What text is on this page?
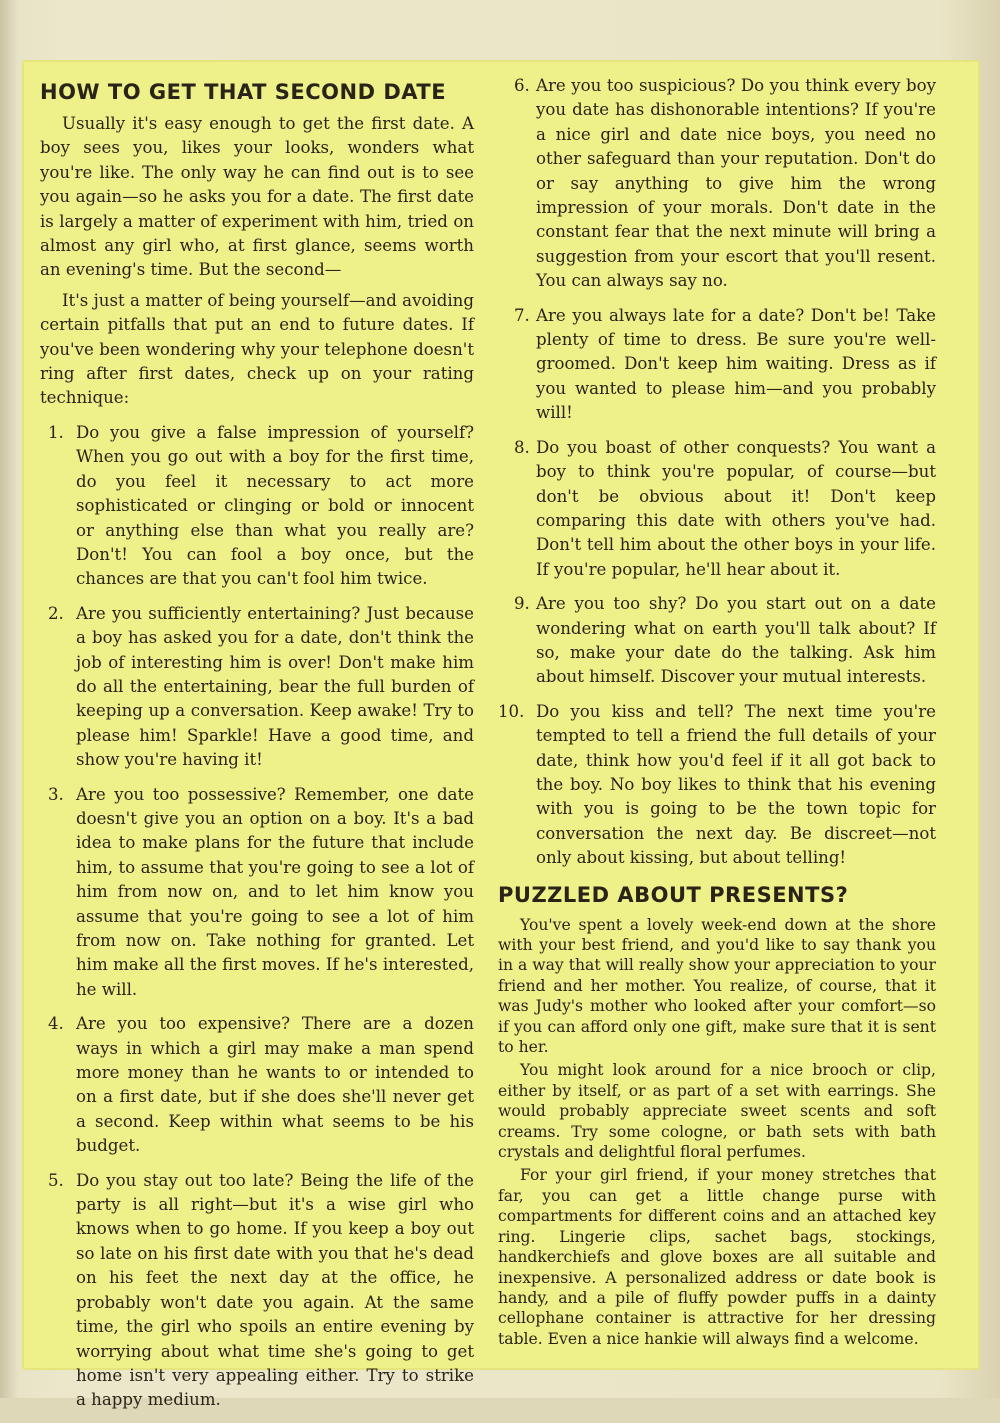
HOW TO GET THAT SECOND DATE

Usually it's easy enough to get the first date. A boy sees you, likes your looks, wonders what you're like. The only way he can find out is to see you again—so he asks you for a date. The first date is largely a matter of experiment with him, tried on almost any girl who, at first glance, seems worth an evening's time. But the second—

It's just a matter of being yourself—and avoiding certain pitfalls that put an end to future dates. If you've been wondering why your telephone doesn't ring after first dates, check up on your rating technique:

1. Do you give a false impression of yourself? When you go out with a boy for the first time, do you feel it necessary to act more sophisticated or clinging or bold or innocent or anything else than what you really are? Don't! You can fool a boy once, but the chances are that you can't fool him twice.
2. Are you sufficiently entertaining? Just because a boy has asked you for a date, don't think the job of interesting him is over! Don't make him do all the entertaining, bear the full burden of keeping up a conversation. Keep awake! Try to please him! Sparkle! Have a good time, and show you're having it!
3. Are you too possessive? Remember, one date doesn't give you an option on a boy. It's a bad idea to make plans for the future that include him, to assume that you're going to see a lot of him from now on, and to let him know you assume that you're going to see a lot of him from now on. Take nothing for granted. Let him make all the first moves. If he's interested, he will.
4. Are you too expensive? There are a dozen ways in which a girl may make a man spend more money than he wants to or intended to on a first date, but if she does she'll never get a second. Keep within what seems to be his budget.
5. Do you stay out too late? Being the life of the party is all right—but it's a wise girl who knows when to go home. If you keep a boy out so late on his first date with you that he's dead on his feet the next day at the office, he probably won't date you again. At the same time, the girl who spoils an entire evening by worrying about what time she's going to get home isn't very appealing either. Try to strike a happy medium.
6. Are you too suspicious? Do you think every boy you date has dishonorable intentions? If you're a nice girl and date nice boys, you need no other safeguard than your reputation. Don't do or say anything to give him the wrong impression of your morals. Don't date in the constant fear that the next minute will bring a suggestion from your escort that you'll resent. You can always say no.
7. Are you always late for a date? Don't be! Take plenty of time to dress. Be sure you're well-groomed. Don't keep him waiting. Dress as if you wanted to please him—and you probably will!
8. Do you boast of other conquests? You want a boy to think you're popular, of course—but don't be obvious about it! Don't keep comparing this date with others you've had. Don't tell him about the other boys in your life. If you're popular, he'll hear about it.
9. Are you too shy? Do you start out on a date wondering what on earth you'll talk about? If so, make your date do the talking. Ask him about himself. Discover your mutual interests.
10. Do you kiss and tell? The next time you're tempted to tell a friend the full details of your date, think how you'd feel if it all got back to the boy. No boy likes to think that his evening with you is going to be the town topic for conversation the next day. Be discreet—not only about kissing, but about telling!
PUZZLED ABOUT PRESENTS?

You've spent a lovely week-end down at the shore with your best friend, and you'd like to say thank you in a way that will really show your appreciation to your friend and her mother. You realize, of course, that it was Judy's mother who looked after your comfort—so if you can afford only one gift, make sure that it is sent to her.

You might look around for a nice brooch or clip, either by itself, or as part of a set with earrings. She would probably appreciate sweet scents and soft creams. Try some cologne, or bath sets with bath crystals and delightful floral perfumes.

For your girl friend, if your money stretches that far, you can get a little change purse with compartments for different coins and an attached key ring. Lingerie clips, sachet bags, stockings, handkerchiefs and glove boxes are all suitable and inexpensive. A personalized address or date book is handy, and a pile of fluffy powder puffs in a dainty cellophane container is attractive for her dressing table. Even a nice hankie will always find a welcome.
